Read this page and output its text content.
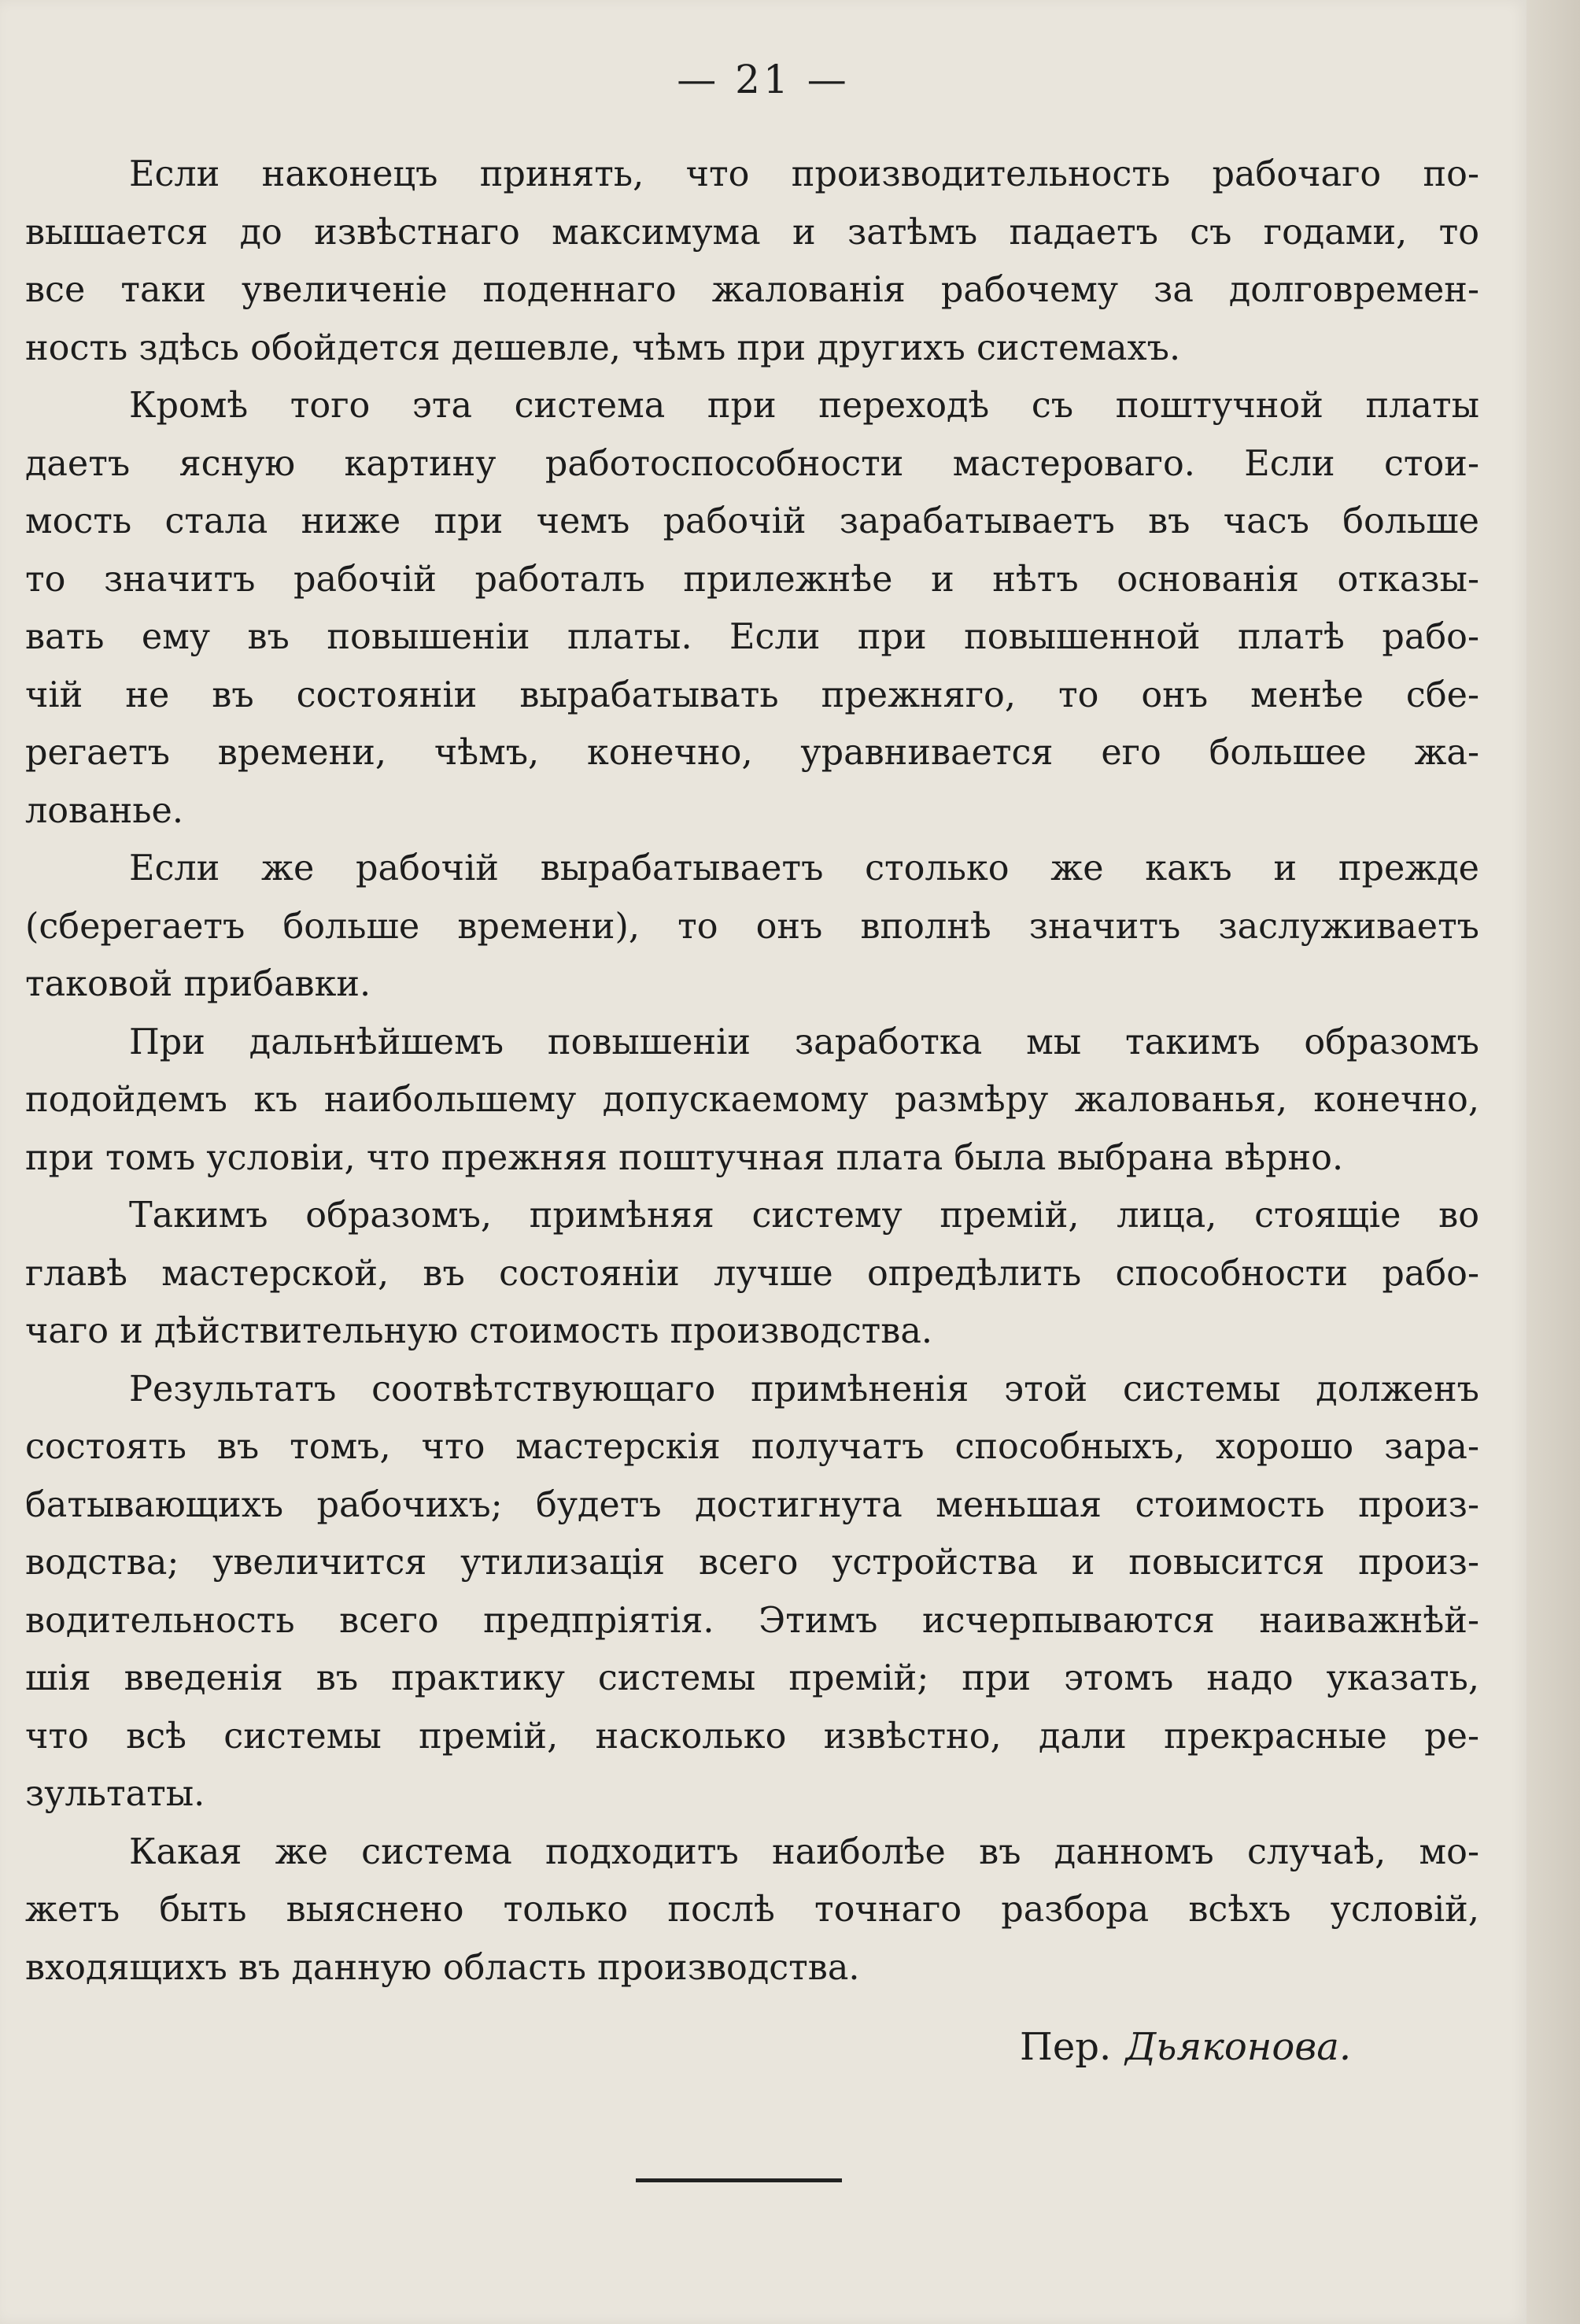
— 21 —
Если наконецъ принять, что производительность рабочаго по-
вышается до извѣстнаго максимума и затѣмъ падаетъ съ годами, то
все таки увеличеніе поденнаго жалованія рабочему за долговремен-
ность здѣсь обойдется дешевле, чѣмъ при другихъ системахъ.
Кромѣ того эта система при переходѣ съ поштучной платы
даетъ ясную картину работоспособности мастероваго. Если стои-
мость стала ниже при чемъ рабочій зарабатываетъ въ часъ больше
то значитъ рабочій работалъ прилежнѣе и нѣтъ основанія отказы-
вать ему въ повышеніи платы. Если при повышенной платѣ рабо-
чій не въ состояніи вырабатывать прежняго, то онъ менѣе сбе-
регаетъ времени, чѣмъ, конечно, уравнивается его большее жа-
лованье.
Если же рабочій вырабатываетъ столько же какъ и прежде
(сберегаетъ больше времени), то онъ вполнѣ значитъ заслуживаетъ
таковой прибавки.
При дальнѣйшемъ повышеніи заработка мы такимъ образомъ
подойдемъ къ наибольшему допускаемому размѣру жалованья, конечно,
при томъ условіи, что прежняя поштучная плата была выбрана вѣрно.
Такимъ образомъ, примѣняя систему премій, лица, стоящіе во
главѣ мастерской, въ состояніи лучше опредѣлить способности рабо-
чаго и дѣйствительную стоимость производства.
Результатъ соотвѣтствующаго примѣненія этой системы долженъ
состоять въ томъ, что мастерскія получатъ способныхъ, хорошо зара-
батывающихъ рабочихъ; будетъ достигнута меньшая стоимость произ-
водства; увеличится утилизація всего устройства и повысится произ-
водительность всего предпріятія. Этимъ исчерпываются наиважнѣй-
шія введенія въ практику системы премій; при этомъ надо указать,
что всѣ системы премій, насколько извѣстно, дали прекрасные ре-
зультаты.
Какая же система подходитъ наиболѣе въ данномъ случаѣ, мо-
жетъ быть выяснено только послѣ точнаго разбора всѣхъ условій,
входящихъ въ данную область производства.
Пер. Дьяконова.
